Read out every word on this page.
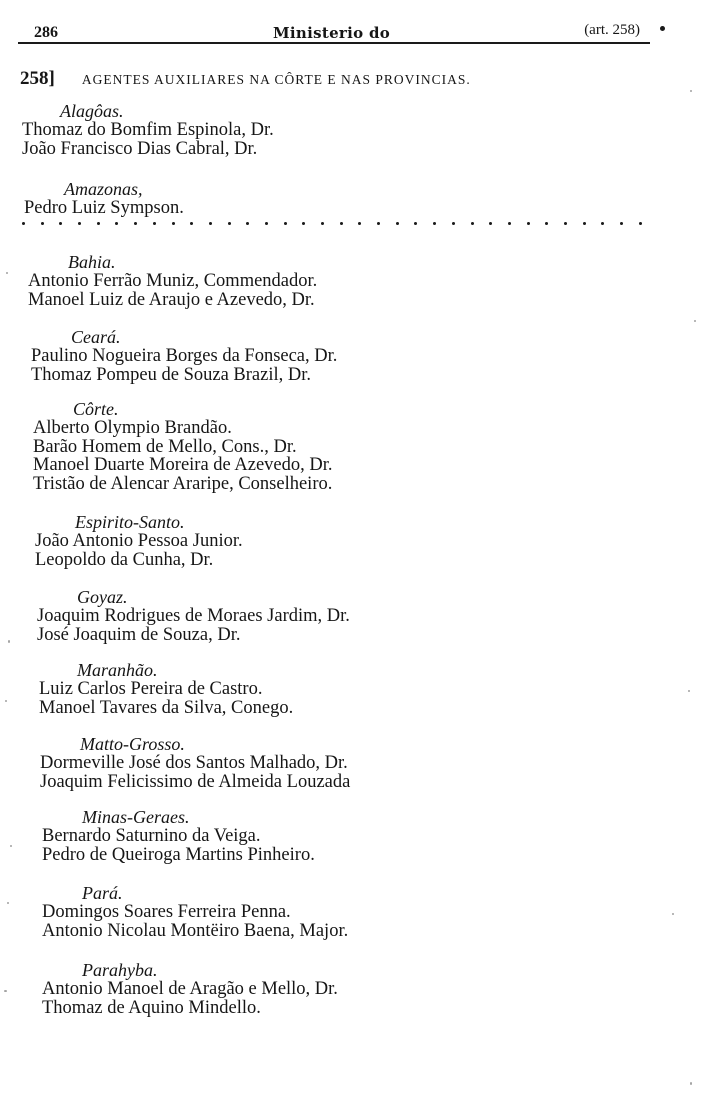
286	Ministerio do	(art. 258)
258] AGENTES AUXILIARES NA CÔRTE E NAS PROVINCIAS.
Alagôas.
Thomaz do Bomfim Espinola, Dr.
João Francisco Dias Cabral, Dr.
Amazonas,
Pedro Luiz Sympson.
Bahia.
Antonio Ferrão Muniz, Commendador.
Manoel Luiz de Araujo e Azevedo, Dr.
Ceará.
Paulino Nogueira Borges da Fonseca, Dr.
Thomaz Pompeu de Souza Brazil, Dr.
Côrte.
Alberto Olympio Brandão.
Barão Homem de Mello, Cons., Dr.
Manoel Duarte Moreira de Azevedo, Dr.
Tristão de Alencar Araripe, Conselheiro.
Espirito-Santo.
João Antonio Pessoa Junior.
Leopoldo da Cunha, Dr.
Goyaz.
Joaquim Rodrigues de Moraes Jardim, Dr.
José Joaquim de Souza, Dr.
Maranhão.
Luiz Carlos Pereira de Castro.
Manoel Tavares da Silva, Conego.
Matto-Grosso.
Dormeville José dos Santos Malhado, Dr.
Joaquim Felicissimo de Almeida Louzada
Minas-Geraes.
Bernardo Saturnino da Veiga.
Pedro de Queiroga Martins Pinheiro.
Pará.
Domingos Soares Ferreira Penna.
Antonio Nicolau Montëiro Baena, Major.
Parahyba.
Antonio Manoel de Aragão e Mello, Dr.
Thomaz de Aquino Mindello.
